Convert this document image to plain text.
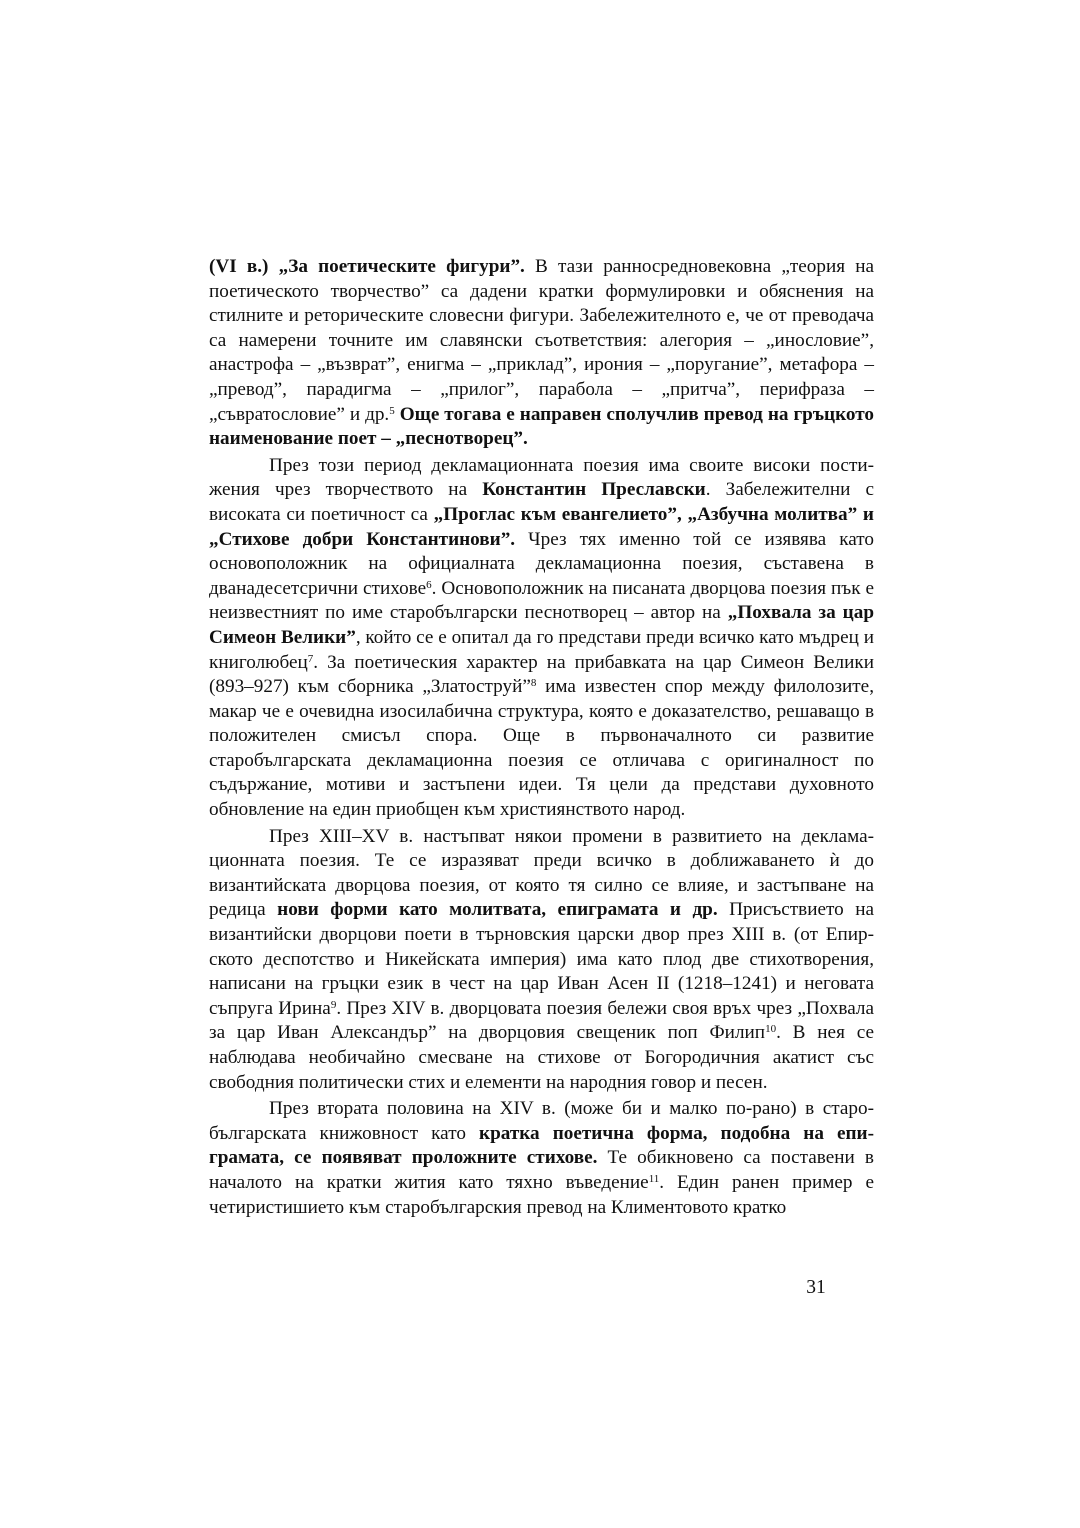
(VI в.) „За поетическите фигури”. В тази ранносредновековна „теория на поетическото творчество” са дадени кратки формулировки и обяснения на стилните и реторическите словесни фигури. Забележителното е, че от преводача са намерени точните им славянски съответствия: алегория – „инословие”, анастрофа – „възврат”, енигма – „приклад”, ирония – „поругание”, метафора – „превод”, парадигма – „прилог”, парабола – „притча”, перифраза – „съвратословие” и др.$^5$ Още тогава е направен сполучлив превод на гръцкото наименование поет – „песнотворец”.

През този период декламационната поезия има своите високи постижения чрез творчеството на Константин Преславски. Забележителни с високата си поетичност са „Проглас към евангелието”, „Азбучна молитва” и „Стихове добри Константинови”. Чрез тях именно той се изявява като основоположник на официалната декламационна поезия, съставена в дванадесетсрични стихове$^6$. Основоположник на писаната дворцова поезия пък е неизвестният по име старобългарски песнотворец – автор на „Похвала за цар Симеон Велики”, който се е опитал да го представи преди всичко като мъдрец и книголюбец$^7$. За поетическия характер на прибавката на цар Симеон Велики (893–927) към сборника „Златоструй”$^8$ има известен спор между филолозите, макар че е очевидна изосилабична структура, която е доказателство, решаващо в положителен смисъл спора. Още в първоначалното си развитие старобългарската декламационна поезия се отличава с оригиналност по съдържание, мотиви и застъпени идеи. Тя цели да представи духовното обновление на един приобщен към християнството народ.

През XIII–XV в. настъпват някои промени в развитието на декламационната поезия. Те се изразяват преди всичко в доближаването ѝ до византийската дворцова поезия, от която тя силно се влияе, и застъпване на редица нови форми като молитвата, епиграмата и др. Присъствието на византийски дворцови поети в търновския царски двор през XIII в. (от Епирското деспотство и Никейската империя) има като плод две стихотворения, написани на гръцки език в чест на цар Иван Асен II (1218–1241) и неговата съпруга Ирина$^9$. През XIV в. дворцовата поезия бележи своя връх чрез „Похвала за цар Иван Александър” на дворцовия свещеник поп Филип$^{10}$. В нея се наблюдава необичайно смесване на стихове от Богородичния акатист със свободния политически стих и елементи на народния говор и песен.

През втората половина на XIV в. (може би и малко по-рано) в старобългарската книжовност като кратка поетична форма, подобна на епиграмата, се появяват проложните стихове. Те обикновено са поставени в началото на кратки жития като тяхно въведение$^{11}$. Един ранен пример е четиристишието към старобългарския превод на Климентовото кратко

31
